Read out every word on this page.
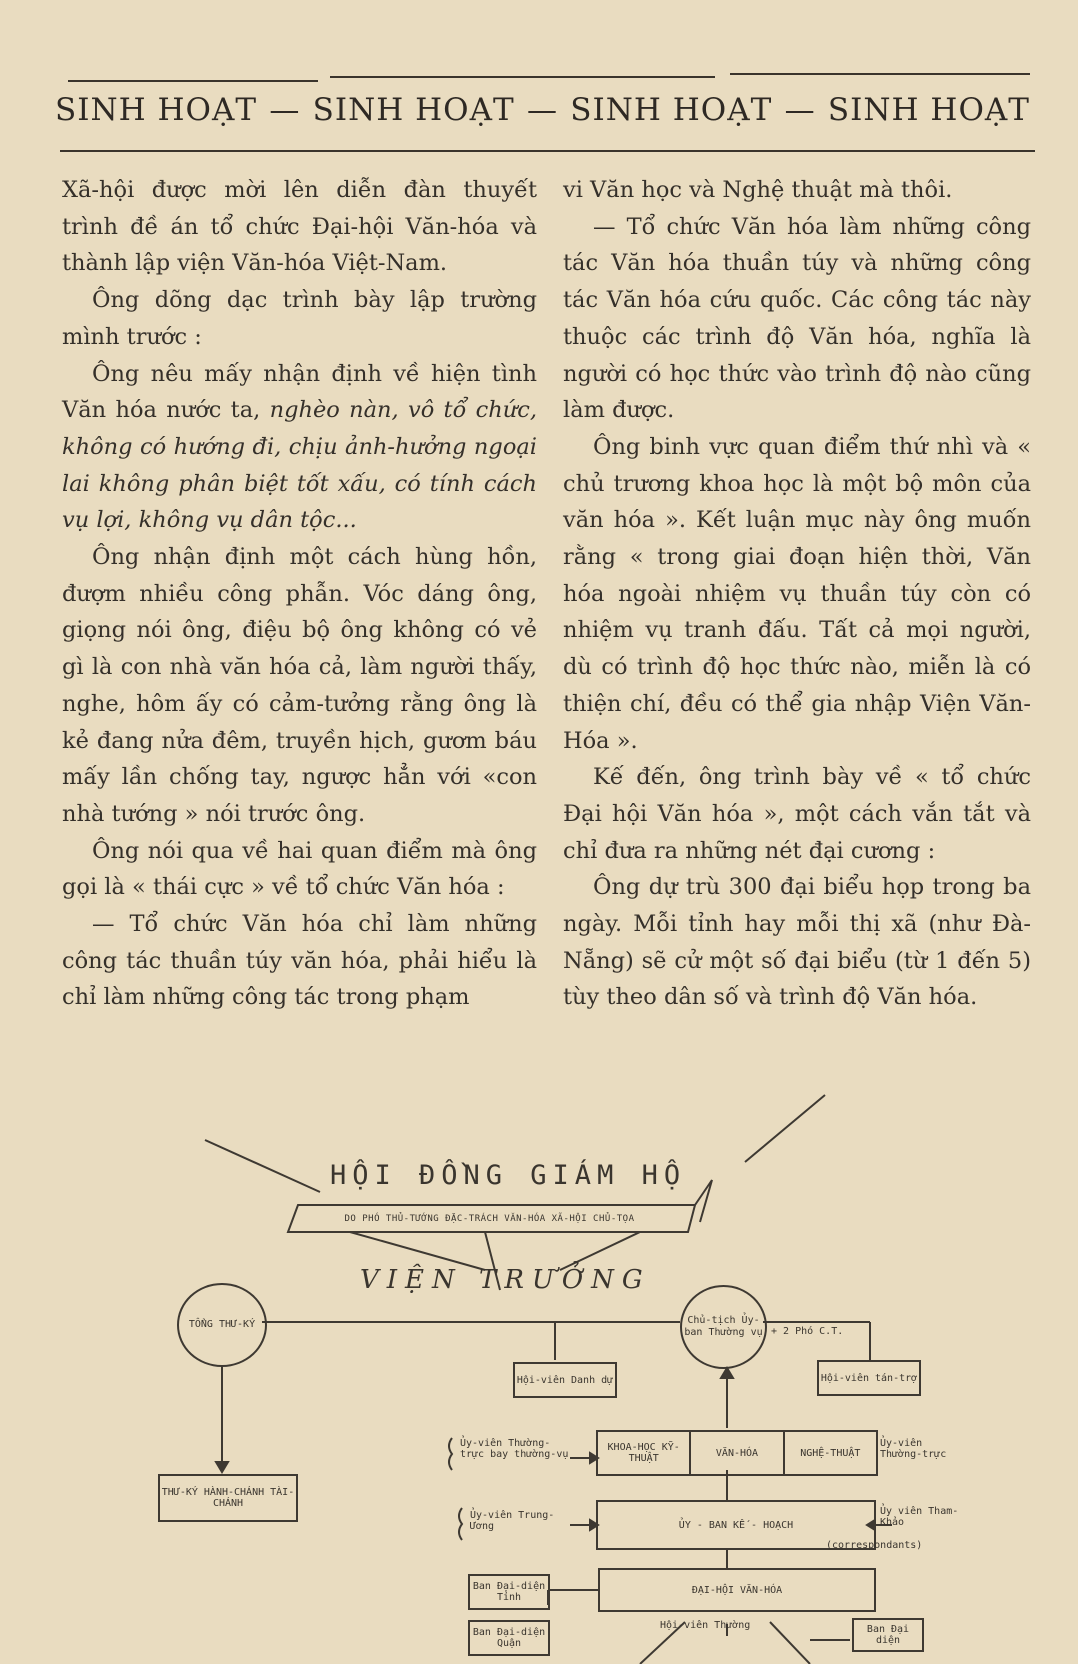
SINH HOẠT — SINH HOẠT — SINH HOẠT — SINH HOẠT

Xã-hội được mời lên diễn đàn thuyết trình đề án tổ chức Đại-hội Văn-hóa và thành lập viện Văn-hóa Việt-Nam.

Ông dõng dạc trình bày lập trường mình trước :

Ông nêu mấy nhận định về hiện tình Văn hóa nước ta, nghèo nàn, vô tổ chức, không có hướng đi, chịu ảnh-hưởng ngoại lai không phân biệt tốt xấu, có tính cách vụ lợi, không vụ dân tộc...

Ông nhận định một cách hùng hồn, đượm nhiều công phẫn. Vóc dáng ông, giọng nói ông, điệu bộ ông không có vẻ gì là con nhà văn hóa cả, làm người thấy, nghe, hôm ấy có cảm-tưởng rằng ông là kẻ đang nửa đêm, truyền hịch, gươm báu mấy lần chống tay, ngược hẳn với «con nhà tướng » nói trước ông.

Ông nói qua về hai quan điểm mà ông gọi là « thái cực » về tổ chức Văn hóa :

— Tổ chức Văn hóa chỉ làm những công tác thuần túy văn hóa, phải hiểu là chỉ làm những công tác trong phạm

vi Văn học và Nghệ thuật mà thôi.

— Tổ chức Văn hóa làm những công tác Văn hóa thuần túy và những công tác Văn hóa cứu quốc. Các công tác này thuộc các trình độ Văn hóa, nghĩa là người có học thức vào trình độ nào cũng làm được.

Ông binh vực quan điểm thứ nhì và « chủ trương khoa học là một bộ môn của văn hóa ». Kết luận mục này ông muốn rằng « trong giai đoạn hiện thời, Văn hóa ngoài nhiệm vụ thuần túy còn có nhiệm vụ tranh đấu. Tất cả mọi người, dù có trình độ học thức nào, miễn là có thiện chí, đều có thể gia nhập Viện Văn-Hóa ».

Kế đến, ông trình bày về « tổ chức Đại hội Văn hóa », một cách vắn tắt và chỉ đưa ra những nét đại cương :

Ông dự trù 300 đại biểu họp trong ba ngày. Mỗi tỉnh hay mỗi thị xã (như Đà-Nẵng) sẽ cử một số đại biểu (từ 1 đến 5) tùy theo dân số và trình độ Văn hóa.

HỘI ĐỒNG GIÁM HỘ
DO PHÓ THỦ-TƯỚNG ĐẶC-TRÁCH VĂN-HÓA XÃ-HỘI CHỦ-TỌA
VIỆN TRƯỞNG
TỔNG THƯ-KÝ	Chủ-tịch Ủy-ban Thường vụ + 2 Phó C.T.
Hội-viên Danh dự	Hội-viên tán-trợ
THƯ-KÝ HÀNH-CHÁNH TÀI-CHÁNH
Ủy-viên Thường-trực bay thường-vụ
KHOA-HỌC KỸ-THUẬT	VĂN-HÓA	NGHỆ-THUẬT
Ủy-viên Thường-trực
Ủy-viên Trung-Ương	ỦY - BAN KẾ - HOẠCH
Ủy viên Tham-Khảo
(correspondants)
Ban Đại-diện Tỉnh
ĐẠI-HỘI VĂN-HÓA
Ban Đại-diện Quận
Hội-viên Thường	Ban Đại diện
